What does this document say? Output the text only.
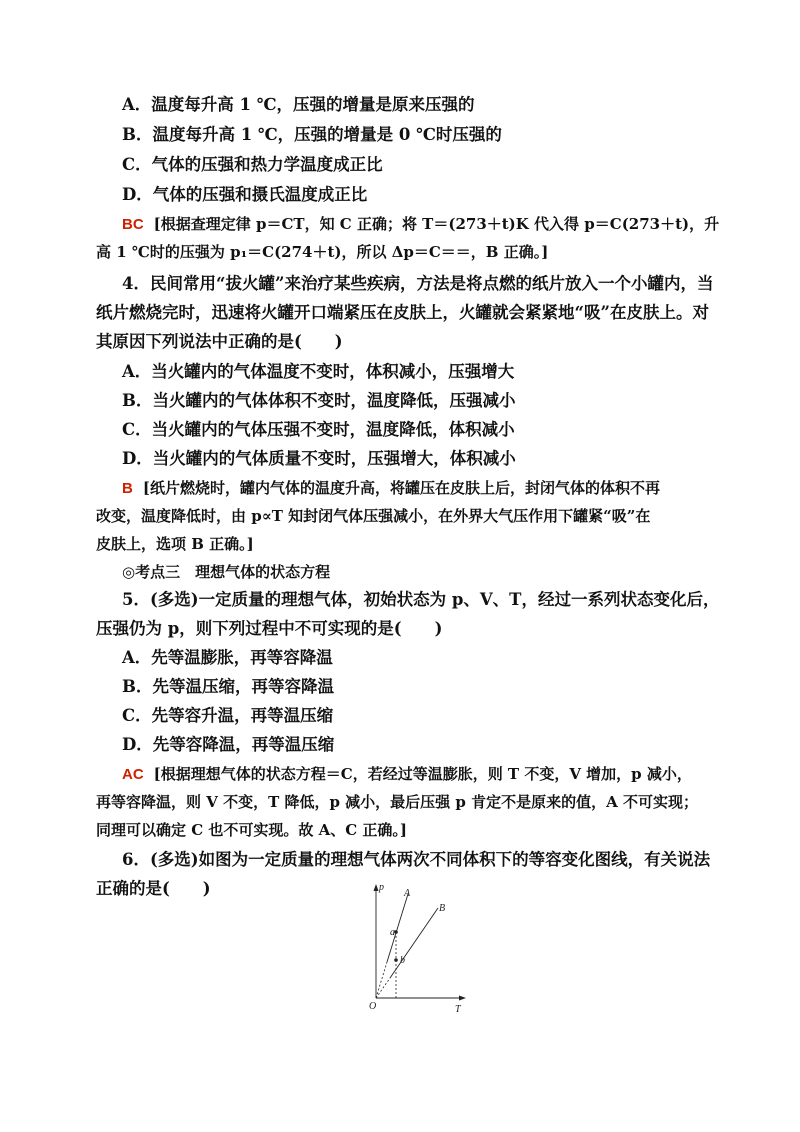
A．温度每升高 1 ℃，压强的增量是原来压强的
B．温度每升高 1 ℃，压强的增量是 0 ℃时压强的
C．气体的压强和热力学温度成正比
D．气体的压强和摄氏温度成正比
BC [根据查理定律 p＝CT，知 C 正确；将 T＝(273＋t)K 代入得 p＝C(273＋t)，升
高 1 ℃时的压强为 p₁＝C(274＋t)，所以 Δp＝C＝＝，B 正确。]
4．民间常用“拔火罐”来治疗某些疾病，方法是将点燃的纸片放入一个小罐内，当
纸片燃烧完时，迅速将火罐开口端紧压在皮肤上，火罐就会紧紧地“吸”在皮肤上。对
其原因下列说法中正确的是(　　)
A．当火罐内的气体温度不变时，体积减小，压强增大
B．当火罐内的气体体积不变时，温度降低，压强减小
C．当火罐内的气体压强不变时，温度降低，体积减小
D．当火罐内的气体质量不变时，压强增大，体积减小
B [纸片燃烧时，罐内气体的温度升高，将罐压在皮肤上后，封闭气体的体积不再
改变，温度降低时，由 p∝T 知封闭气体压强减小，在外界大气压作用下罐紧“吸”在
皮肤上，选项 B 正确。]
◎考点三　理想气体的状态方程
5．(多选)一定质量的理想气体，初始状态为 p、V、T，经过一系列状态变化后，
压强仍为 p，则下列过程中不可实现的是(　　)
A．先等温膨胀，再等容降温
B．先等温压缩，再等容降温
C．先等容升温，再等温压缩
D．先等容降温，再等温压缩
AC [根据理想气体的状态方程＝C，若经过等温膨胀，则 T 不变，V 增加，p 减小，
再等容降温，则 V 不变，T 降低，p 减小，最后压强 p 肯定不是原来的值，A 不可实现；
同理可以确定 C 也不可实现。故 A、C 正确。]
6．(多选)如图为一定质量的理想气体两次不同体积下的等容变化图线，有关说法
正确的是(　　)	p
T
O
A
B
a
b
